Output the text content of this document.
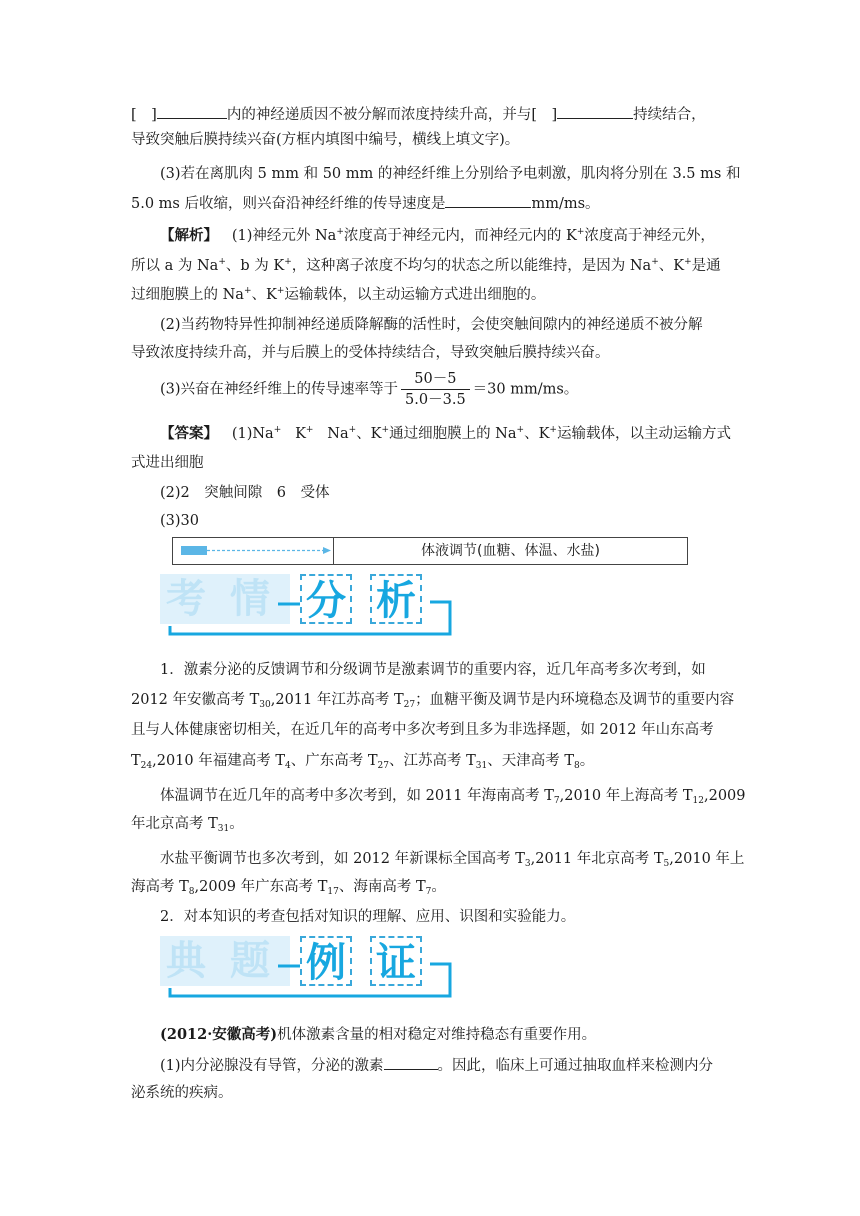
[　]	内的神经递质因不被分解而浓度持续升高，并与[　]	持续结合，
导致突触后膜持续兴奋(方框内填图中编号，横线上填文字)。
(3)若在离肌肉 5 mm 和 50 mm 的神经纤维上分别给予电刺激，肌肉将分别在 3.5 ms 和
5.0 ms 后收缩，则兴奋沿神经纤维的传导速度是	mm/ms。
【解析】 (1)神经元外 Na+浓度高于神经元内，而神经元内的 K+浓度高于神经元外，
所以 a 为 Na+、b 为 K+，这种离子浓度不均匀的状态之所以能维持，是因为 Na+、K+是通
过细胞膜上的 Na+、K+运输载体，以主动运输方式进出细胞的。
(2)当药物特异性抑制神经递质降解酶的活性时，会使突触间隙内的神经递质不被分解
导致浓度持续升高，并与后膜上的受体持续结合，导致突触后膜持续兴奋。
(3)兴奋在神经纤维上的传导速率等于 $\frac{50-5}{5.0-3.5} =30$ mm/ms。
【答案】 (1)Na+ K+ Na+、K+通过细胞膜上的 Na+、K+运输载体，以主动运输方式
式进出细胞
(2)2　突触间隙　6　受体
(3)30
体液调节(血糖、体温、水盐)
考 情 分 析
1．激素分泌的反馈调节和分级调节是激素调节的重要内容，近几年高考多次考到，如
2012 年安徽高考 $T_{30},2011$ 年江苏高考 $T_{27}$；血糖平衡及调节是内环境稳态及调节的重要内容
且与人体健康密切相关，在近几年的高考中多次考到且多为非选择题，如 2012 年山东高考
$T_{24},2010$ 年福建高考 $T_4$、广东高考 $T_{27}$、江苏高考 $T_{31}$、天津高考 $T_8$。
体温调节在近几年的高考中多次考到，如 2011 年海南高考 $T_7,2010$ 年上海高考 $T_{12},2009$
年北京高考 $T_{31}$。
水盐平衡调节也多次考到，如 2012 年新课标全国高考 $T_3,2011$ 年北京高考 $T_5,2010$ 年上
海高考 $T_8,2009$ 年广东高考 $T_{17}$、海南高考 $T_7$。
2．对本知识的考查包括对知识的理解、应用、识图和实验能力。
典 题 例 证
(2012·安徽高考)机体激素含量的相对稳定对维持稳态有重要作用。
(1)内分泌腺没有导管，分泌的激素	。因此，临床上可通过抽取血样来检测内分
泌系统的疾病。
